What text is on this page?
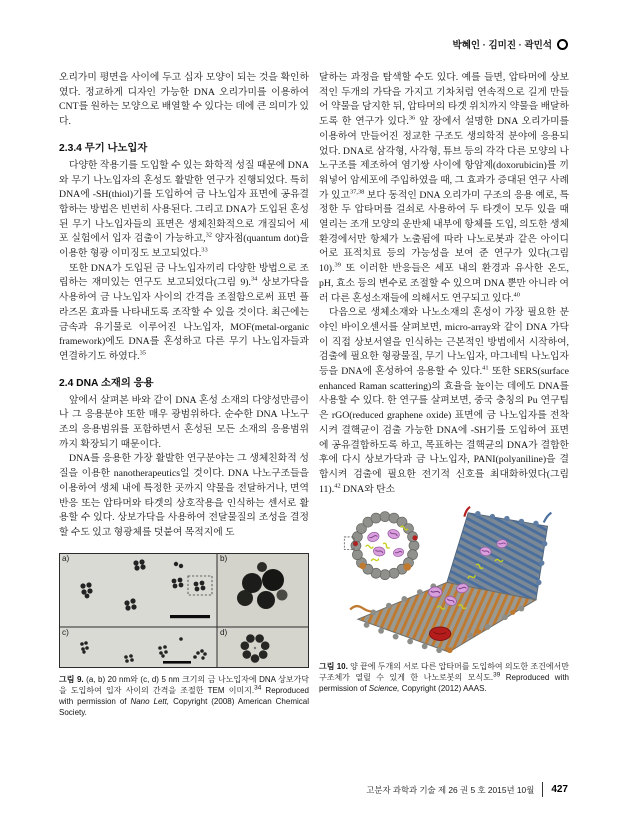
박혜인 · 김미진 · 곽민석

오리가미 평면을 사이에 두고 십자 모양이 되는 것을 확인하였다. 정교하게 디자인 가능한 DNA 오리가미를 이용하여 CNT를 원하는 모양으로 배열할 수 있다는 데에 큰 의미가 있다.

2.3.4 무기 나노입자

다양한 작용기를 도입할 수 있는 화학적 성질 때문에 DNA와 무기 나노입자의 혼성도 활발한 연구가 진행되었다. 특히 DNA에 -SH(thiol)기를 도입하여 금 나노입자 표면에 공유결합하는 방법은 빈번히 사용된다. 그리고 DNA가 도입된 혼성된 무기 나노입자들의 표면은 생체친화적으로 개질되어 세포 실험에서 입자 검출이 가능하고,$^{32}$ 양자점(quantum dot)을 이용한 형광 이미징도 보고되었다.$^{33}$

또한 DNA가 도입된 금 나노입자끼리 다양한 방법으로 조립하는 재미있는 연구도 보고되었다(그림 9).$^{34}$ 상보가닥을 사용하여 금 나노입자 사이의 간격을 조절함으로써 표면 플라즈몬 효과를 나타내도록 조작할 수 있을 것이다. 최근에는 금속과 유기물로 이루어진 나노입자, MOF(metal-organic framework)에도 DNA를 혼성하고 다른 무기 나노입자들과 연결하기도 하였다.$^{35}$

2.4 DNA 소재의 응용

앞에서 살펴본 바와 같이 DNA 혼성 소재의 다양성만큼이나 그 응용분야 또한 매우 광범위하다. 순수한 DNA 나노구조의 응용범위를 포함하면서 혼성된 모든 소재의 응용범위까지 확장되기 때문이다.

DNA를 응용한 가장 활발한 연구분야는 그 생체친화적 성질을 이용한 nanotherapeutics일 것이다. DNA 나노구조들을 이용하여 생체 내에 특정한 곳까지 약물을 전달하거나, 면역반응 또는 압타머와 타겟의 상호작용을 인식하는 센서로 활용할 수 있다. 상보가닥을 사용하여 전달물질의 조성을 결정할 수도 있고 형광체를 덧붙여 목적지에 도

a)	b)
c)	d)
그림 9. (a, b) 20 nm와 (c, d) 5 nm 크기의 금 나노입자에 DNA 상보가닥을 도입하여 입자 사이의 간격을 조절한 TEM 이미지.$^{34}$ Reproduced with permission of Nano Lett, Copyright (2008) American Chemical Society.

달하는 과정을 탐색할 수도 있다. 예를 들면, 압타머에 상보적인 두개의 가닥을 가지고 기차처럼 연속적으로 길게 만들어 약물을 담지한 뒤, 압타머의 타겟 위치까지 약물을 배달하도록 한 연구가 있다.$^{36}$ 앞 장에서 설명한 DNA 오리가미를 이용하여 만들어진 정교한 구조도 생의학적 분야에 응용되었다. DNA로 삼각형, 사각형, 튜브 등의 각각 다른 모양의 나노구조를 제조하여 염기쌍 사이에 항암제(doxorubicin)를 끼워넣어 암세포에 주입하였을 때, 그 효과가 증대된 연구 사례가 있고$^{37,38}$ 보다 동적인 DNA 오리가미 구조의 응용 예로, 특정한 두 압타머를 걸쇠로 사용하여 두 타겟이 모두 있을 때 열리는 조개 모양의 운반체 내부에 항체를 도입, 의도한 생체 환경에서만 항체가 노출됨에 따라 나노로봇과 같은 아이디어로 표적치료 등의 가능성을 보여 준 연구가 있다(그림 10).$^{39}$ 또 이러한 반응들은 세포 내의 환경과 유사한 온도, pH, 효소 등의 변수로 조절할 수 있으며 DNA 뿐만 아니라 여러 다른 혼성소재들에 의해서도 연구되고 있다.$^{40}$

다음으로 생체소재와 나노소재의 혼성이 가장 필요한 분야인 바이오센서를 살펴보면, micro-array와 같이 DNA 가닥이 직접 상보서열을 인식하는 근본적인 방법에서 시작하여, 검출에 필요한 형광물질, 무기 나노입자, 마그네틱 나노입자 등을 DNA에 혼성하여 응용할 수 있다.$^{41}$ 또한 SERS(surface enhanced Raman scattering)의 효율을 높이는 데에도 DNA를 사용할 수 있다. 한 연구를 살펴보면, 중국 충칭의 Pu 연구팀은 rGO(reduced graphene oxide) 표면에 금 나노입자를 전착시켜 결핵균이 검출 가능한 DNA에 -SH기를 도입하여 표면에 공유결합하도록 하고, 목표하는 결핵균의 DNA가 결합한 후에 다시 상보가닥과 금 나노입자, PANI(polyaniline)을 결합시켜 검출에 필요한 전기적 신호를 최대화하였다(그림 11).$^{42}$ DNA와 탄소

그림 10. 양 끝에 두개의 서로 다른 압타머를 도입하여 의도한 조건에서만 구조체가 열릴 수 있게 한 나노로봇의 모식도.$^{39}$ Reproduced with permission of Science, Copyright (2012) AAAS.
고분자 과학과 기술 제 26 권 5 호 2015년 10월 427
